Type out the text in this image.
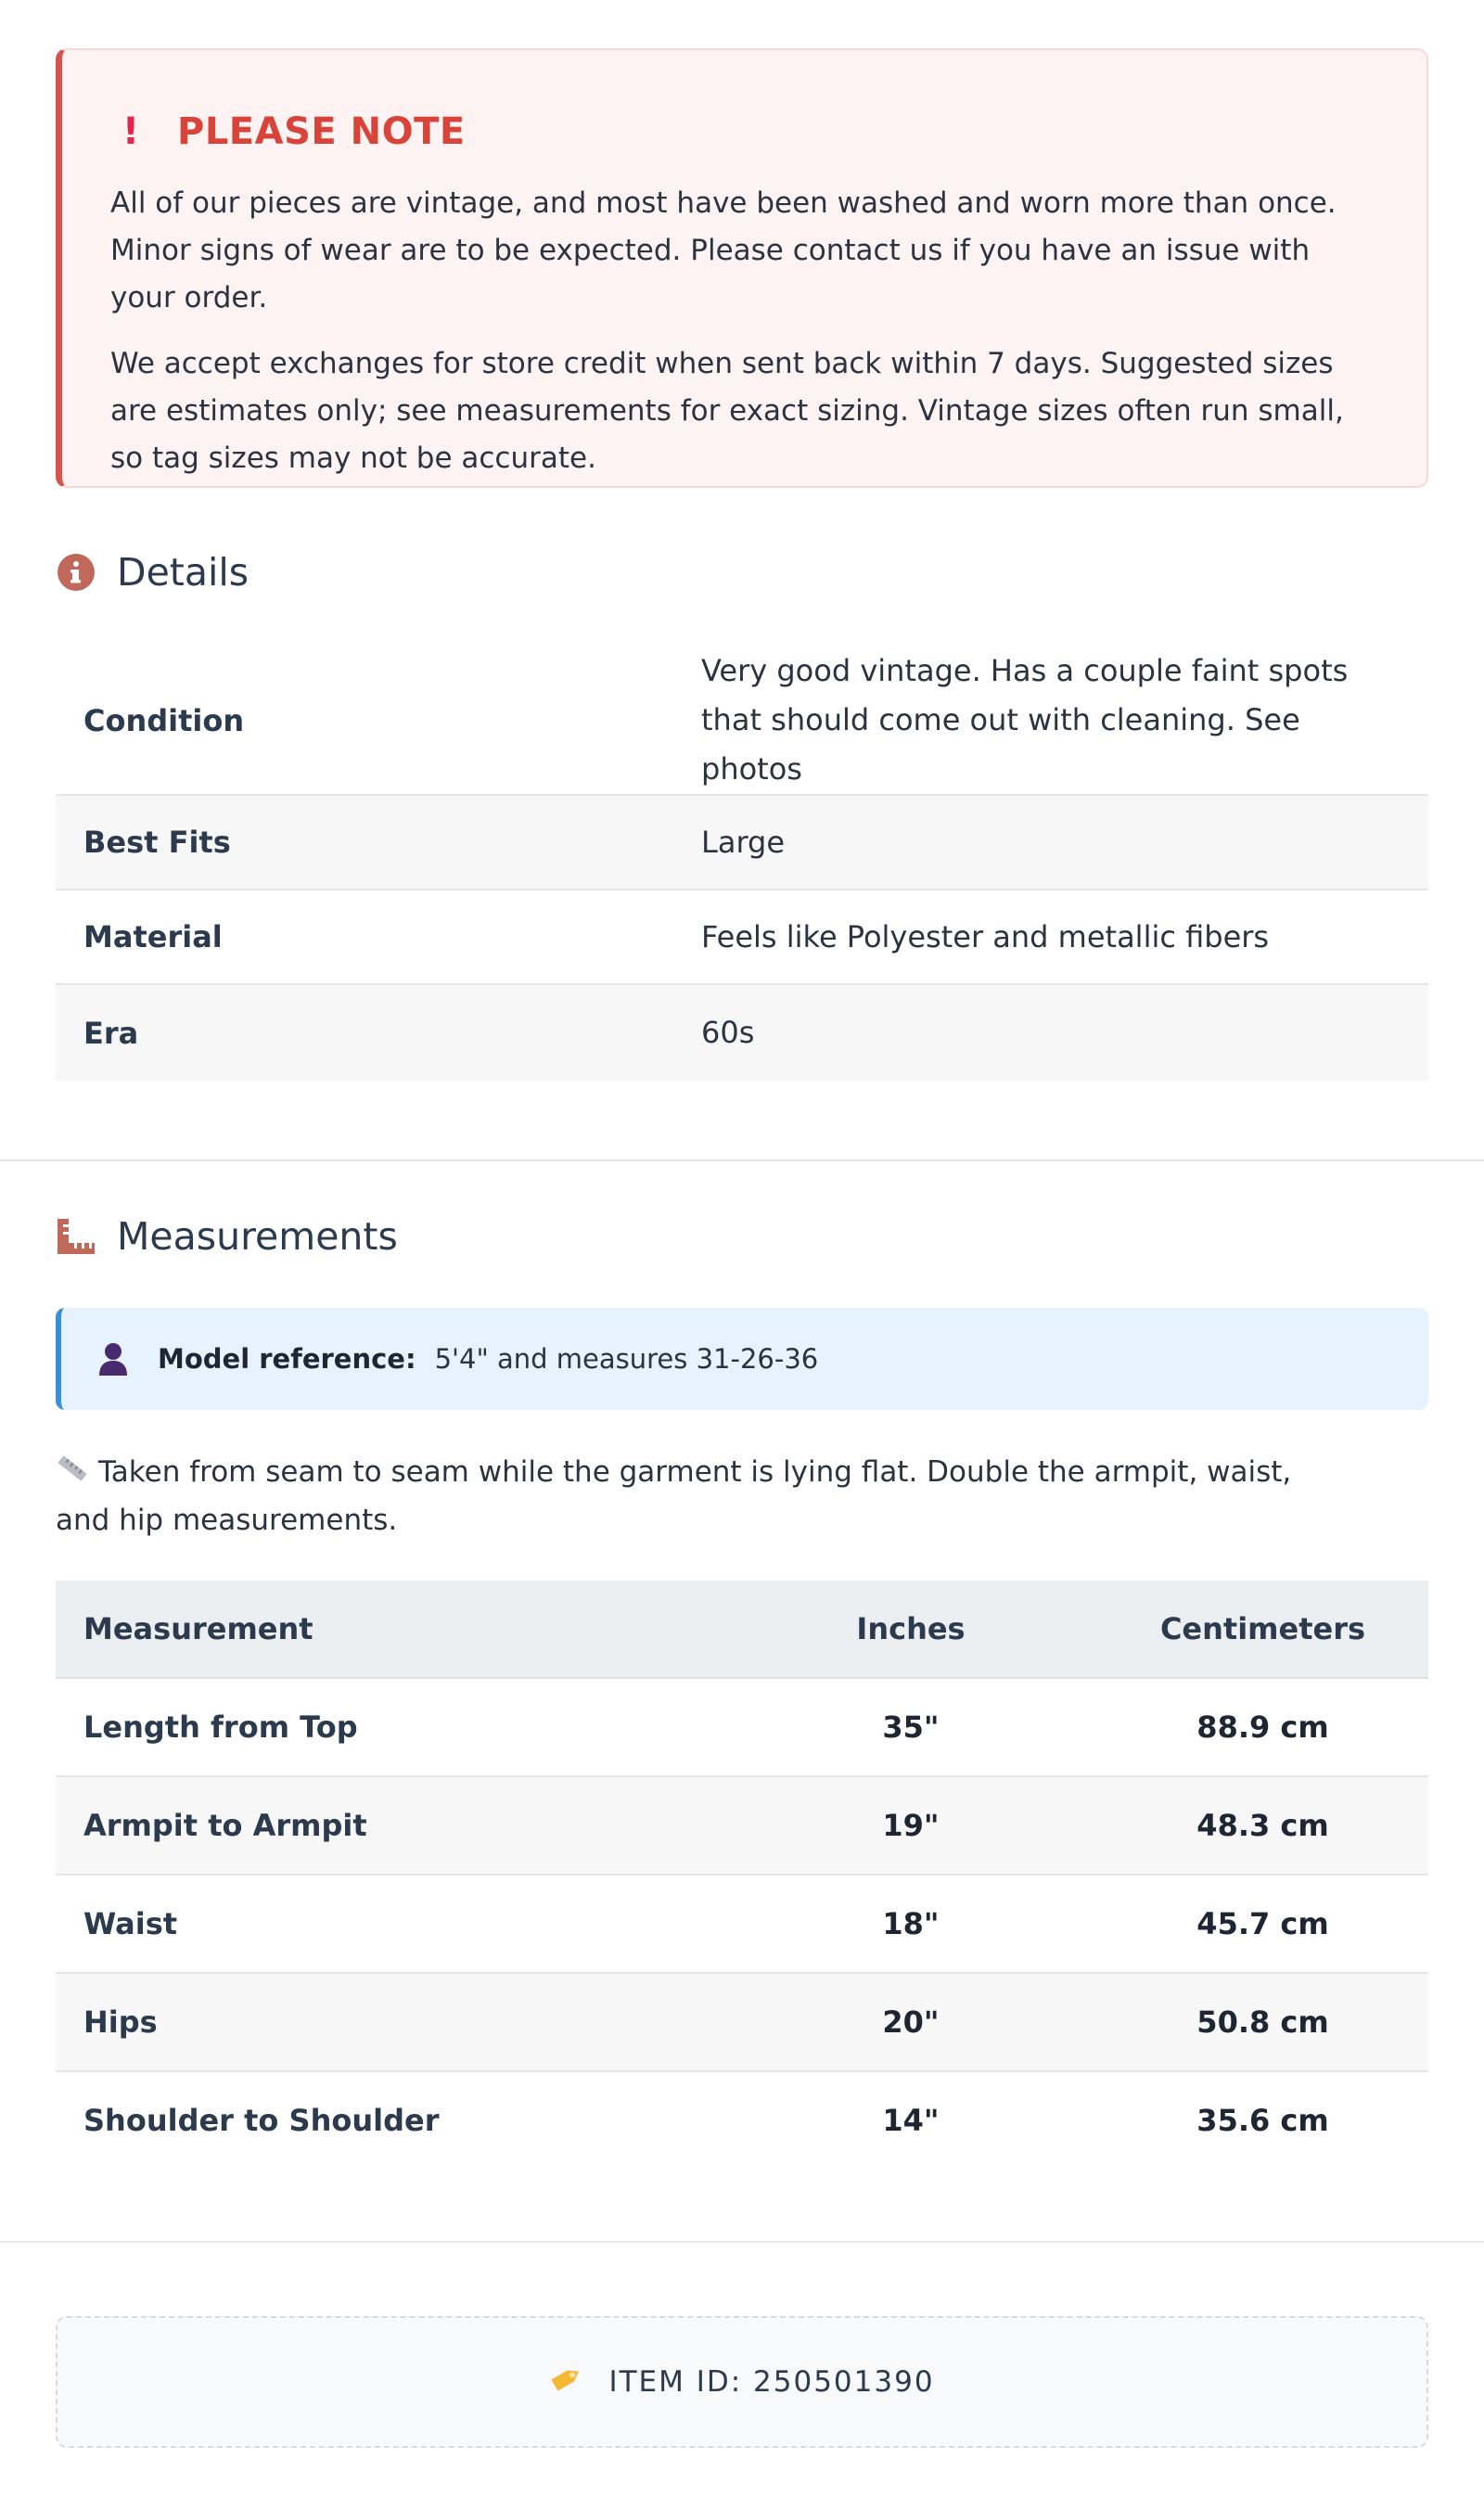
! PLEASE NOTE

All of our pieces are vintage, and most have been washed and worn more than once. Minor signs of wear are to be expected. Please contact us if you have an issue with your order.

We accept exchanges for store credit when sent back within 7 days. Suggested sizes are estimates only; see measurements for exact sizing. Vintage sizes often run small, so tag sizes may not be accurate.

Details
Condition	Very good vintage. Has a couple faint spots that should come out with cleaning. See photos
Best Fits	Large
Material	Feels like Polyester and metallic fibers
Era	60s
Measurements
Model reference: 5'4" and measures 31-26-36
Taken from seam to seam while the garment is lying flat. Double the armpit, waist, and hip measurements.
Measurement	Inches	Centimeters
Length from Top	35"	88.9 cm
Armpit to Armpit	19"	48.3 cm
Waist	18"	45.7 cm
Hips	20"	50.8 cm
Shoulder to Shoulder	14"	35.6 cm
ITEM ID: 250501390
